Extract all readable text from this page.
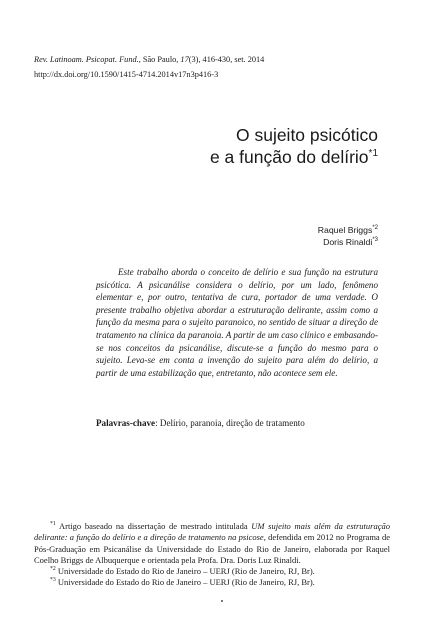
Rev. Latinoam. Psicopat. Fund., São Paulo, 17(3), 416-430, set. 2014
http://dx.doi.org/10.1590/1415-4714.2014v17n3p416-3
O sujeito psicótico
e a função do delírio$^{*1}$
Raquel Briggs$^{*2}$
Doris Rinaldi$^{*3}$

Este trabalho aborda o conceito de delírio e sua função na estrutura psicótica. A psicanálise considera o delírio, por um lado, fenômeno elementar e, por outro, tentativa de cura, portador de uma verdade. O presente trabalho objetiva abordar a estruturação delirante, assim como a função da mesma para o sujeito paranoico, no sentido de situar a direção de tratamento na clínica da paranoia. A partir de um caso clínico e embasando-se nos conceitos da psicanálise, discute-se a função do mesmo para o sujeito. Leva-se em conta a invenção do sujeito para além do delírio, a partir de uma estabilização que, entretanto, não acontece sem ele.

Palavras-chave: Delírio, paranoia, direção de tratamento

$^{*1}$ Artigo baseado na dissertação de mestrado intitulada UM sujeito mais além da estruturação delirante: a função do delírio e a direção de tratamento na psicose, defendida em 2012 no Programa de Pós-Graduação em Psicanálise da Universidade do Estado do Rio de Janeiro, elaborada por Raquel Coelho Briggs de Albuquerque e orientada pela Profa. Dra. Doris Luz Rinaldi.

$^{*2}$ Universidade do Estado do Rio de Janeiro – UERJ (Rio de Janeiro, RJ, Br).

$^{*3}$ Universidade do Estado do Rio de Janeiro – UERJ (Rio de Janeiro, RJ, Br).
